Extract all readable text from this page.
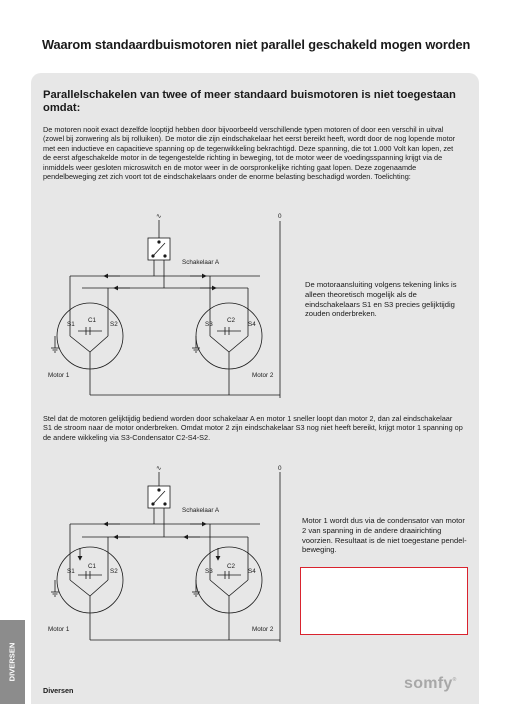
Waarom standaardbuismotoren niet parallel geschakeld mogen worden
Parallelschakelen van twee of meer standaard buismotoren is niet toegestaan omdat:

De motoren nooit exact dezelfde looptijd hebben door bijvoorbeeld verschillende typen motoren of door een verschil in uitval (zowel bij zonwering als bij rolluiken). De motor die zijn eindschakelaar het eerst bereikt heeft, wordt door de nog lopende motor met een inductieve en capacitieve spanning op de tegenwikkeling bekrachtigd. Deze spanning, die tot 1.000 Volt kan lopen, zet de eerst afgeschakelde motor in de tegengestelde richting in beweging, tot de motor weer de voedingsspanning krijgt via de inmiddels weer gesloten microswitch en de motor weer in de oorspronkelijke richting gaat lopen. Deze zogenaamde pendelbeweging zet zich voort tot de eindschakelaars onder de enorme belasting beschadigd worden. Toelichting:

∿	0
Schakelaar A
Motor 1	Motor 2
S1
C1
S2	S3
C2
S4
∿	0
Schakelaar A
Motor 1	Motor 2
S1
C1
S2	S3
C2
S4

De motoraansluiting volgens tekening links is alleen theoretisch mogelijk als de eindschakelaars S1 en S3 precies gelijktijdig zouden onderbreken.

Stel dat de motoren gelijktijdig bediend worden door schakelaar A en motor 1 sneller loopt dan motor 2, dan zal eindschakelaar S1 de stroom naar de motor onderbreken. Omdat motor 2 zijn eindschakelaar S3 nog niet heeft bereikt, krijgt motor 1 spanning op de andere wikkeling via S3-Condensator C2-S4-S2.

Motor 1 wordt dus via de condensator van motor 2 van spanning in de andere draairichting voorzien. Resultaat is de niet toegestane pendel-beweging.

DIVERSEN
Diversen	somfy®
